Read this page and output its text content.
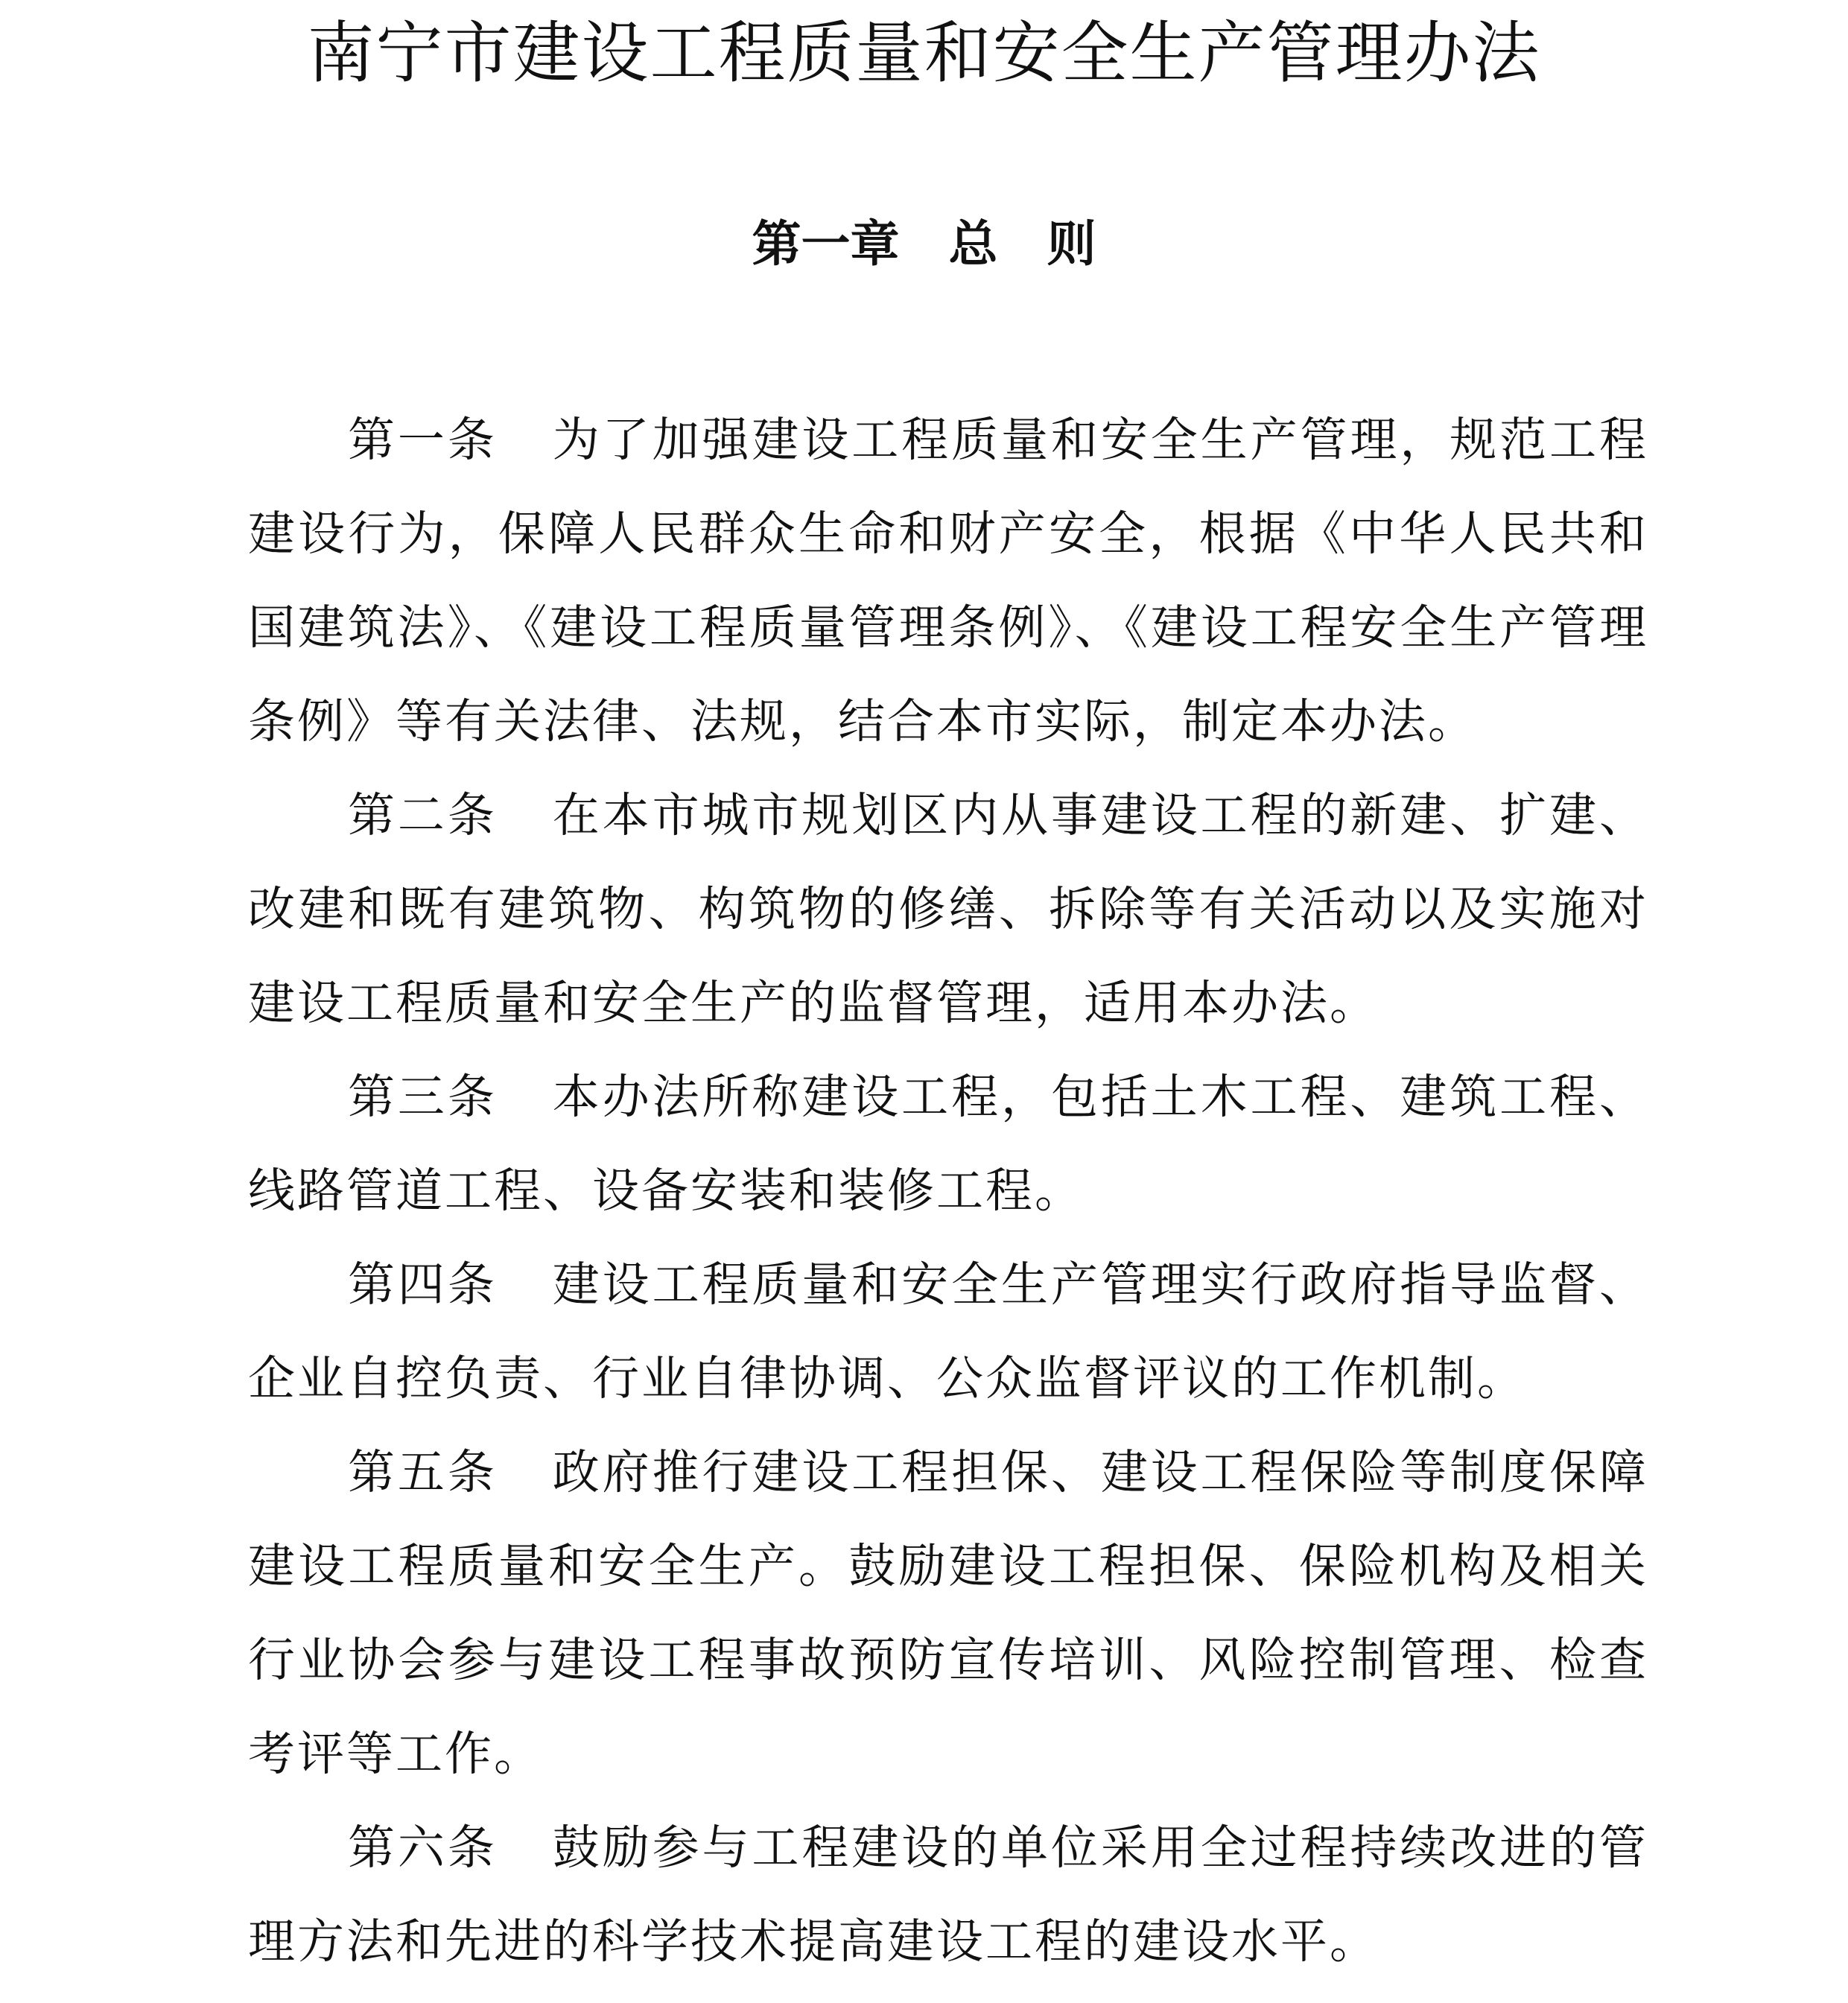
南宁市建设工程质量和安全生产管理办法
第一章　总　则

第一条 为了加强建设工程质量和安全生产管理，规范工程建设行为，保障人民群众生命和财产安全，根据《中华人民共和国建筑法》、《建设工程质量管理条例》、《建设工程安全生产管理条例》等有关法律、法规，结合本市实际，制定本办法。

第二条 在本市城市规划区内从事建设工程的新建、扩建、改建和既有建筑物、构筑物的修缮、拆除等有关活动以及实施对建设工程质量和安全生产的监督管理，适用本办法。

第三条 本办法所称建设工程，包括土木工程、建筑工程、线路管道工程、设备安装和装修工程。

第四条 建设工程质量和安全生产管理实行政府指导监督、企业自控负责、行业自律协调、公众监督评议的工作机制。

第五条 政府推行建设工程担保、建设工程保险等制度保障建设工程质量和安全生产。鼓励建设工程担保、保险机构及相关行业协会参与建设工程事故预防宣传培训、风险控制管理、检查考评等工作。

第六条 鼓励参与工程建设的单位采用全过程持续改进的管理方法和先进的科学技术提高建设工程的建设水平。
